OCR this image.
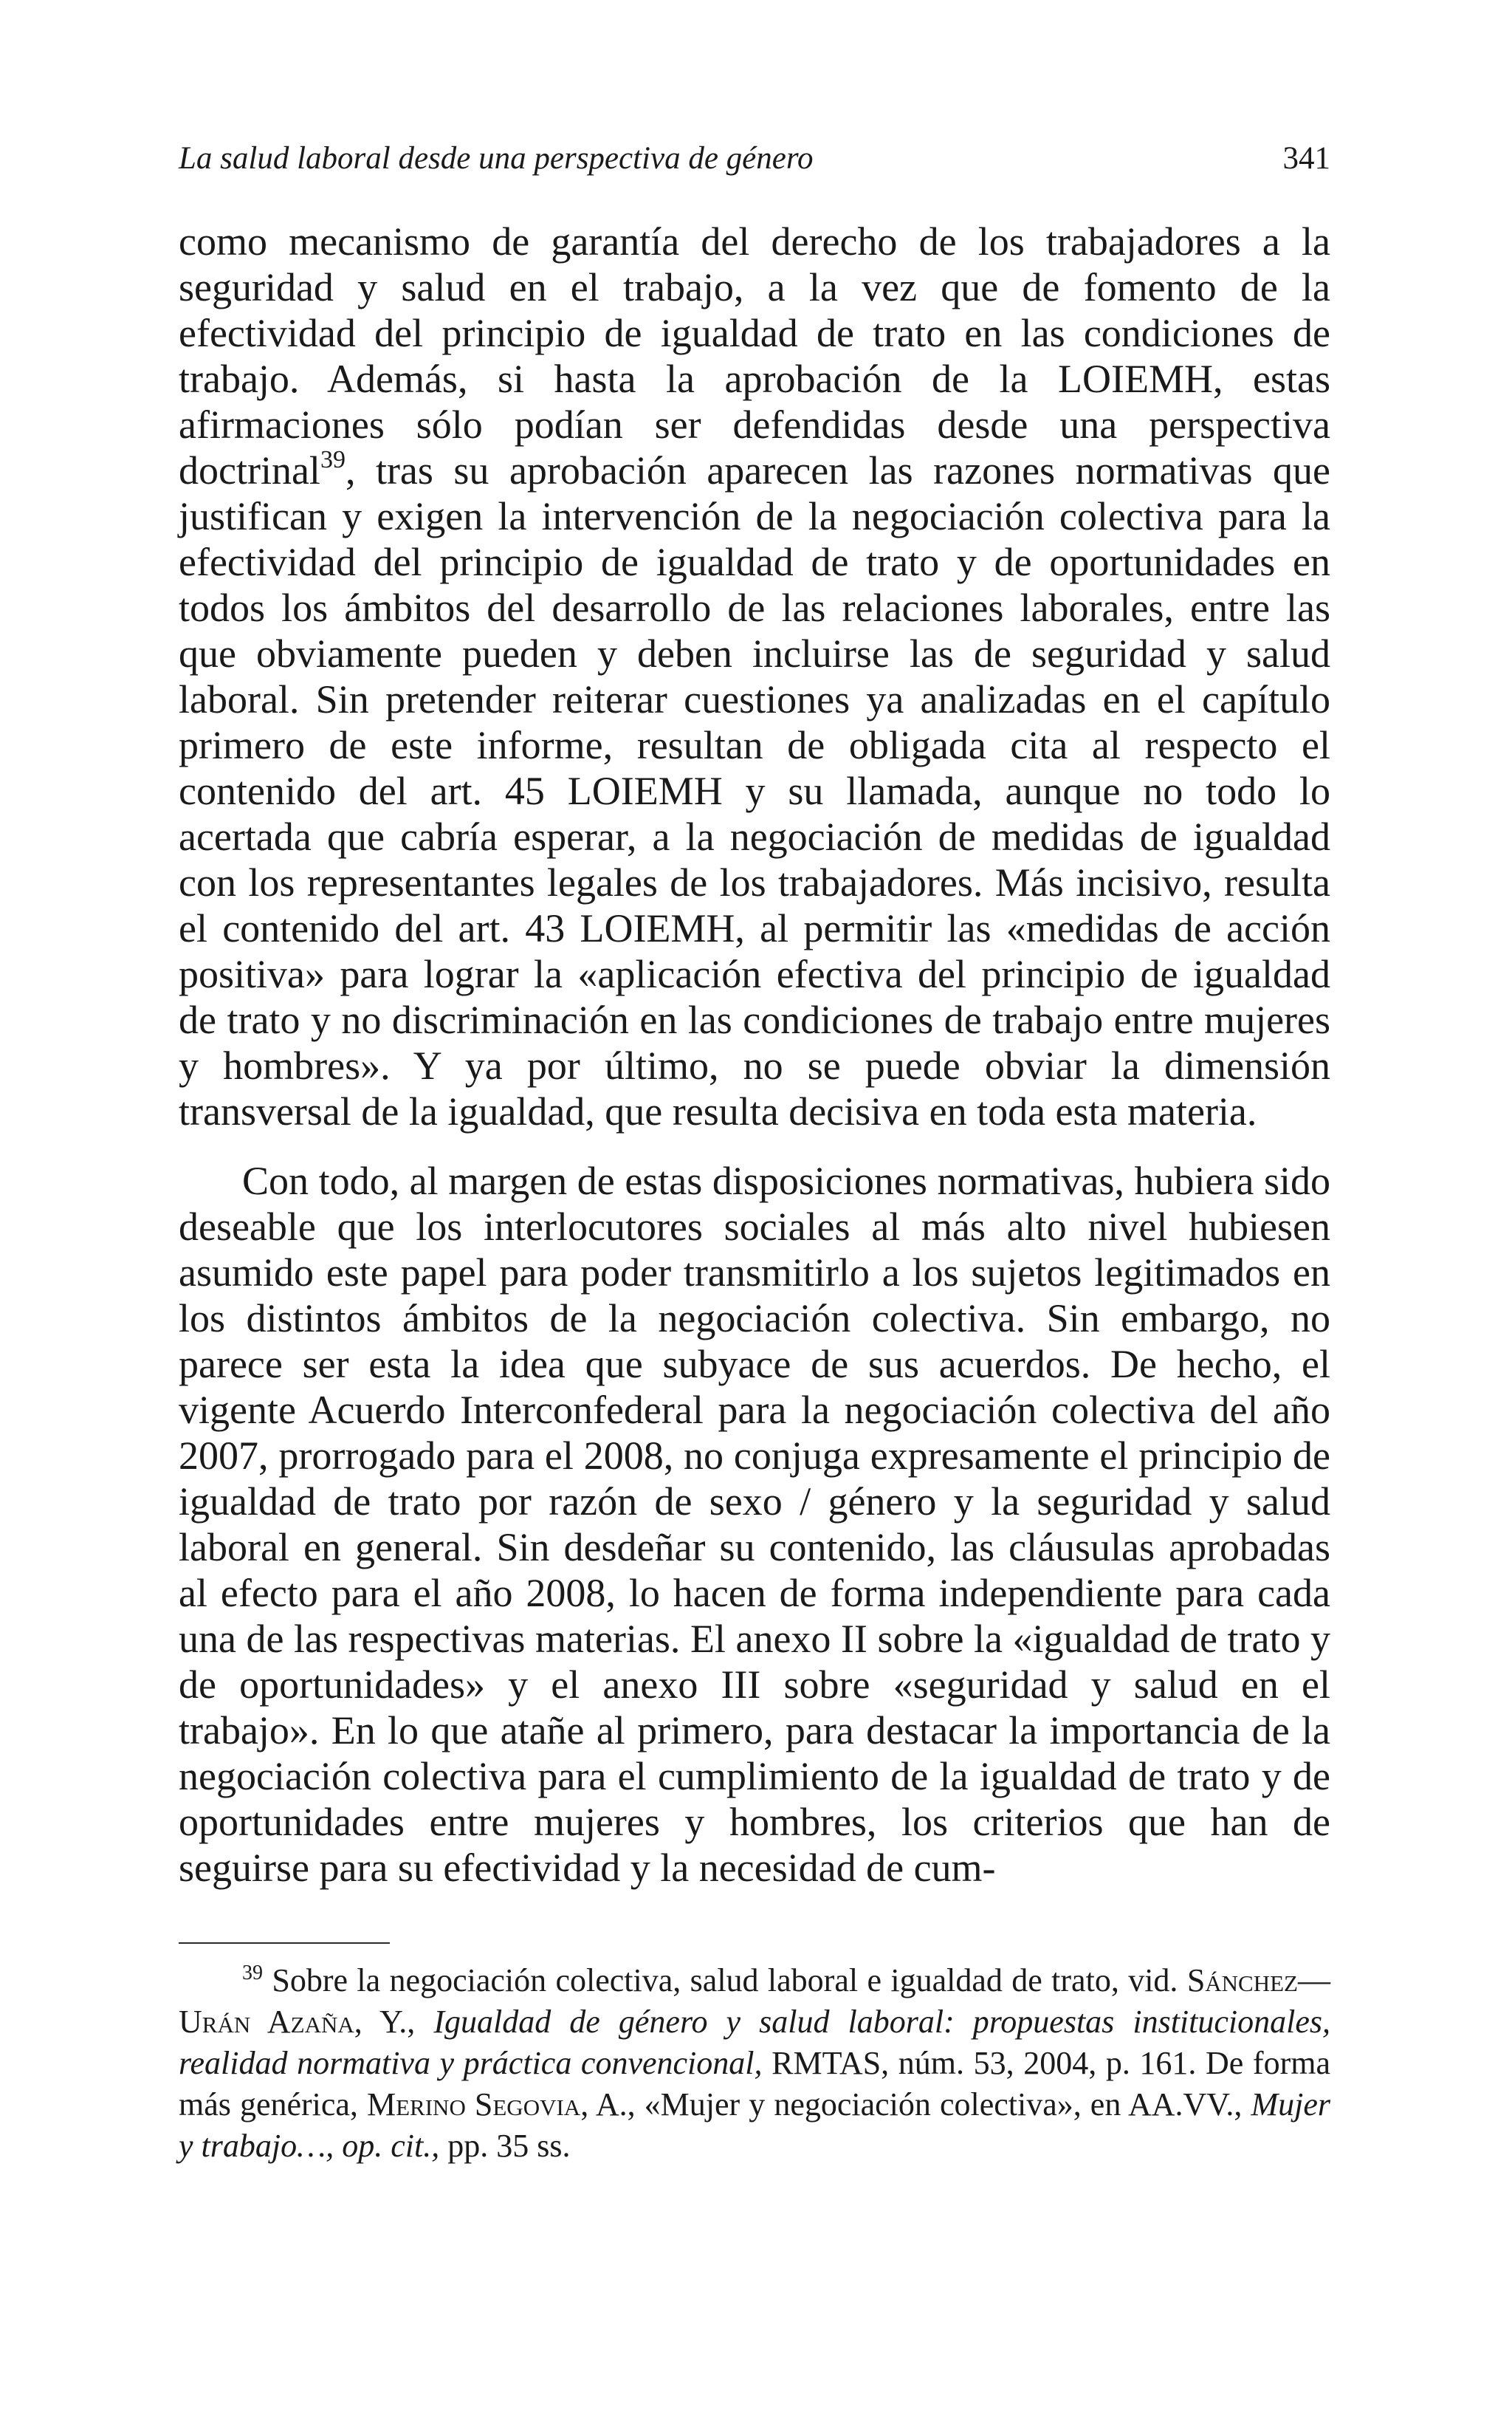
La salud laboral desde una perspectiva de género	341

como mecanismo de garantía del derecho de los trabajadores a la seguridad y salud en el trabajo, a la vez que de fomento de la efectividad del principio de igualdad de trato en las condiciones de trabajo. Además, si hasta la aprobación de la LOIEMH, estas afirmaciones sólo podían ser defendidas desde una perspectiva doctrinal$^{39}$, tras su aprobación aparecen las razones normativas que justifican y exigen la intervención de la negociación colectiva para la efectividad del principio de igualdad de trato y de oportunidades en todos los ámbitos del desarrollo de las relaciones laborales, entre las que obviamente pueden y deben incluirse las de seguridad y salud laboral. Sin pretender reiterar cuestiones ya analizadas en el capítulo primero de este informe, resultan de obligada cita al respecto el contenido del art. 45 LOIEMH y su llamada, aunque no todo lo acertada que cabría esperar, a la negociación de medidas de igualdad con los representantes legales de los trabajadores. Más incisivo, resulta el contenido del art. 43 LOIEMH, al permitir las «medidas de acción positiva» para lograr la «aplicación efectiva del principio de igualdad de trato y no discriminación en las condiciones de trabajo entre mujeres y hombres». Y ya por último, no se puede obviar la dimensión transversal de la igualdad, que resulta decisiva en toda esta materia.

Con todo, al margen de estas disposiciones normativas, hubiera sido deseable que los interlocutores sociales al más alto nivel hubiesen asumido este papel para poder transmitirlo a los sujetos legitimados en los distintos ámbitos de la negociación colectiva. Sin embargo, no parece ser esta la idea que subyace de sus acuerdos. De hecho, el vigente Acuerdo Interconfederal para la negociación colectiva del año 2007, prorrogado para el 2008, no conjuga expresamente el principio de igualdad de trato por razón de sexo / género y la seguridad y salud laboral en general. Sin desdeñar su contenido, las cláusulas aprobadas al efecto para el año 2008, lo hacen de forma independiente para cada una de las respectivas materias. El anexo II sobre la «igualdad de trato y de oportunidades» y el anexo III sobre «seguridad y salud en el trabajo». En lo que atañe al primero, para destacar la importancia de la negociación colectiva para el cumplimiento de la igualdad de trato y de oportunidades entre mujeres y hombres, los criterios que han de seguirse para su efectividad y la necesidad de cum-

$^{39}$ Sobre la negociación colectiva, salud laboral e igualdad de trato, vid. Sánchez—Urán Azaña, Y., Igualdad de género y salud laboral: propuestas institucionales, realidad normativa y práctica convencional, RMTAS, núm. 53, 2004, p. 161. De forma más genérica, Merino Segovia, A., «Mujer y negociación colectiva», en AA.VV., Mujer y trabajo…, op. cit., pp. 35 ss.
